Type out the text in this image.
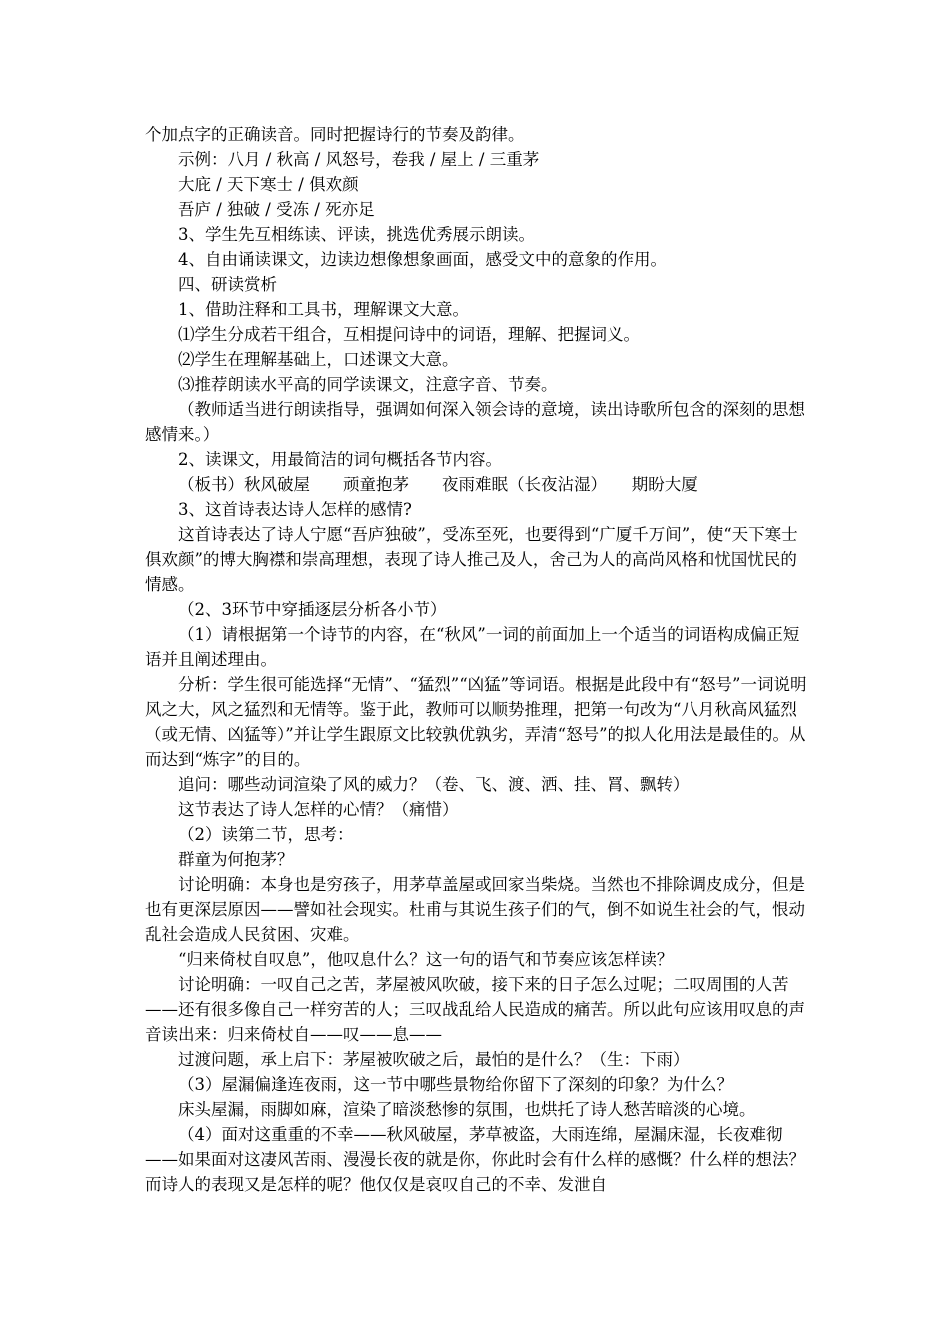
个加点字的正确读音。同时把握诗行的节奏及韵律。

示例：八月 / 秋高 / 风怒号，卷我 / 屋上 / 三重茅

大庇 / 天下寒士 / 俱欢颜

吾庐 / 独破 / 受冻 / 死亦足

3、学生先互相练读、评读，挑选优秀展示朗读。

4、自由诵读课文，边读边想像想象画面，感受文中的意象的作用。

四、研读赏析

1、借助注释和工具书，理解课文大意。

⑴学生分成若干组合，互相提问诗中的词语，理解、把握词义。

⑵学生在理解基础上，口述课文大意。

⑶推荐朗读水平高的同学读课文，注意字音、节奏。

（教师适当进行朗读指导，强调如何深入领会诗的意境，读出诗歌所包含的深刻的思想感情来。）

2、读课文，用最简洁的词句概括各节内容。

（板书）秋风破屋　　顽童抱茅　　夜雨难眠（长夜沾湿）　　期盼大厦

3、这首诗表达诗人怎样的感情?

这首诗表达了诗人宁愿“吾庐独破”，受冻至死，也要得到“广厦千万间”，使“天下寒士俱欢颜”的博大胸襟和崇高理想，表现了诗人推己及人，舍己为人的高尚风格和忧国忧民的情感。

（2、3环节中穿插逐层分析各小节）

（1）请根据第一个诗节的内容，在“秋风”一词的前面加上一个适当的词语构成偏正短语并且阐述理由。

分析：学生很可能选择“无情”、“猛烈”“凶猛”等词语。根据是此段中有“怒号”一词说明风之大，风之猛烈和无情等。鉴于此，教师可以顺势推理，把第一句改为“八月秋高风猛烈（或无情、凶猛等）”并让学生跟原文比较孰优孰劣，弄清“怒号”的拟人化用法是最佳的。从而达到“炼字”的目的。

追问：哪些动词渲染了风的威力？（卷、飞、渡、洒、挂、罥、飘转）

这节表达了诗人怎样的心情？（痛惜）

（2）读第二节，思考：

群童为何抱茅？

讨论明确：本身也是穷孩子，用茅草盖屋或回家当柴烧。当然也不排除调皮成分，但是也有更深层原因——譬如社会现实。杜甫与其说生孩子们的气，倒不如说生社会的气，恨动乱社会造成人民贫困、灾难。

“归来倚杖自叹息”，他叹息什么？这一句的语气和节奏应该怎样读？

讨论明确：一叹自己之苦，茅屋被风吹破，接下来的日子怎么过呢；二叹周围的人苦——还有很多像自己一样穷苦的人；三叹战乱给人民造成的痛苦。所以此句应该用叹息的声音读出来：归来倚杖自——叹——息——

过渡问题，承上启下：茅屋被吹破之后，最怕的是什么？（生：下雨）

（3）屋漏偏逢连夜雨，这一节中哪些景物给你留下了深刻的印象？为什么？

床头屋漏，雨脚如麻，渲染了暗淡愁惨的氛围，也烘托了诗人愁苦暗淡的心境。

（4）面对这重重的不幸——秋风破屋，茅草被盗，大雨连绵，屋漏床湿，长夜难彻——如果面对这凄风苦雨、漫漫长夜的就是你，你此时会有什么样的感慨？什么样的想法？而诗人的表现又是怎样的呢？他仅仅是哀叹自己的不幸、发泄自
